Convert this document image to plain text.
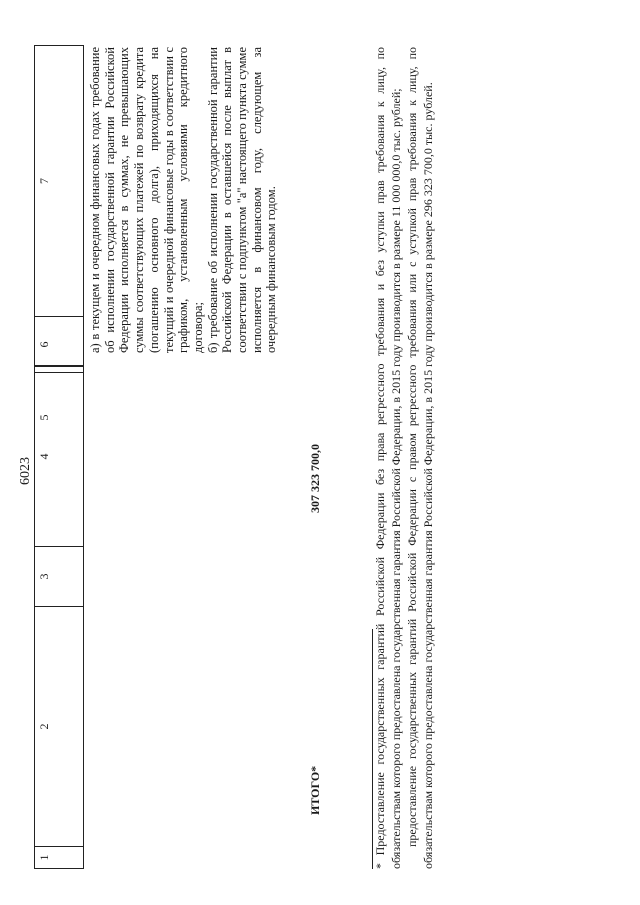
6023
1
2
3
4
5
6
7	а) в текущем и очередном финансовых годах требование об исполнении государственной гарантии Российской Федерации исполняется в суммах, не превышающих суммы соответствующих платежей по возврату кредита (погашению основного долга), приходящихся на текущий и очередной финансовые годы в соответствии с графиком, установленным условиями кредитного договора; б) требование об исполнении государственной гарантии Российской Федерации в оставшейся после выплат в соответствии с подпунктом "а" настоящего пункта сумме исполняется в финансовом году, следующем за очередным финансовым годом.

ИТОГО*
307 323 700,0	* Предоставление государственных гарантий Российской Федерации без права регрессного требования и без уступки прав требования к лицу, по обязательствам которого предоставлена государственная гарантия Российской Федерации, в 2015 году производится в размере 11 000 000,0 тыс. рублей; предоставление государственных гарантий Российской Федерации с правом регрессного требования или с уступкой прав требования к лицу, по обязательствам которого предоставлена государственная гарантия Российской Федерации, в 2015 году производится в размере 296 323 700,0 тыс. рублей.
